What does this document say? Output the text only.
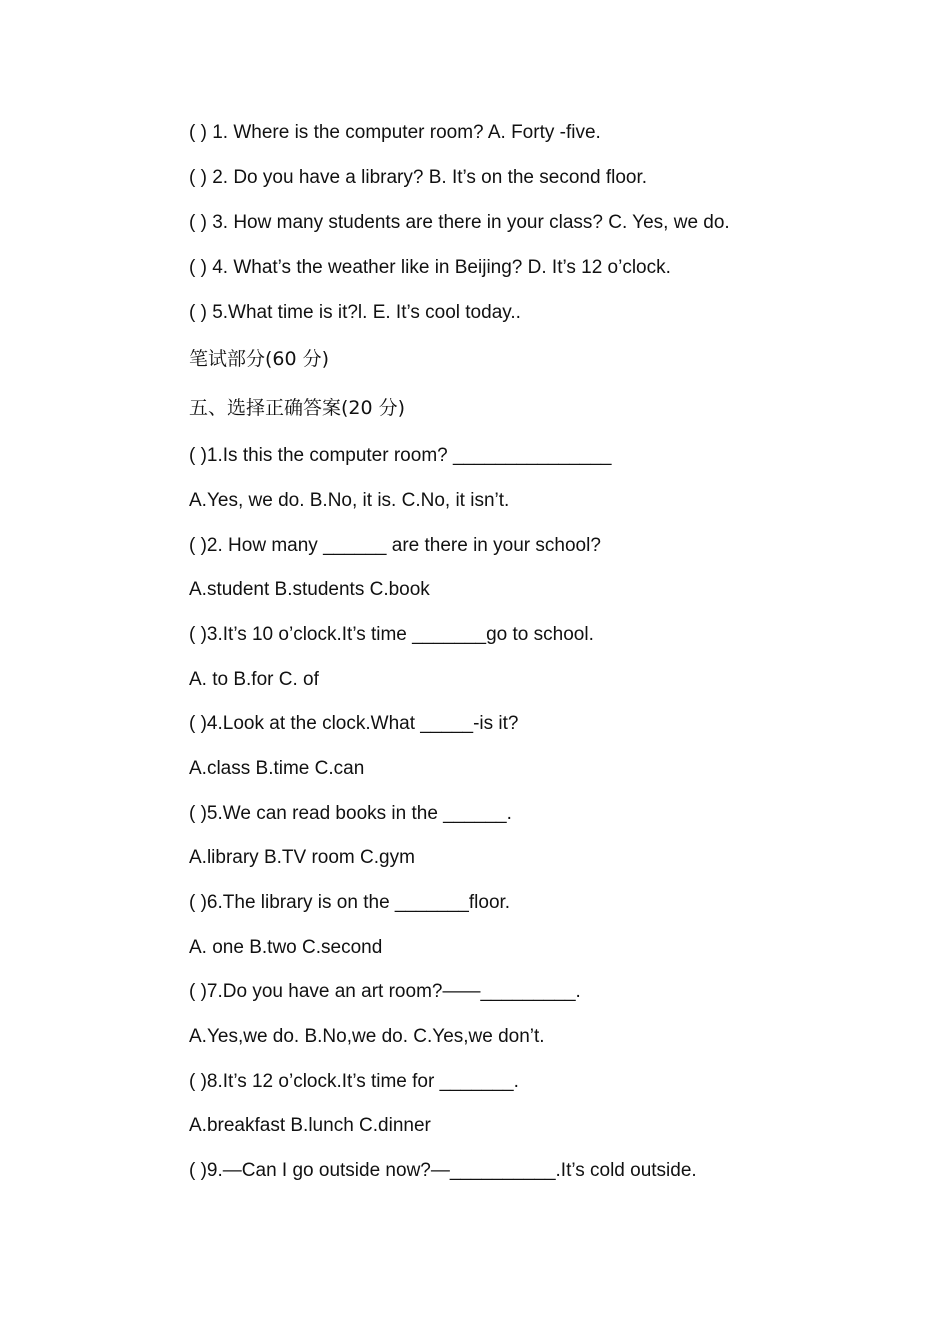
( ) 1. Where is the computer room? A. Forty -five.
( ) 2. Do you have a library? B. It’s on the second floor.
( ) 3. How many students are there in your class? C. Yes, we do.
( ) 4. What’s the weather like in Beijing? D. It’s 12 o’clock.
( ) 5.What time is it?l. E. It’s cool today..
笔试部分(60 分)
五、选择正确答案(20 分)
( )1.Is this the computer room? _______________
A.Yes, we do. B.No, it is. C.No, it isn’t.
( )2. How many ______ are there in your school?
A.student B.students C.book
( )3.It’s 10 o’clock.It’s time _______go to school.
A. to B.for C. of
( )4.Look at the clock.What _____-is it?
A.class B.time C.can
( )5.We can read books in the ______.
A.library B.TV room C.gym
( )6.The library is on the _______floor.
A. one B.two C.second
( )7.Do you have an art room?——_________.
A.Yes,we do. B.No,we do. C.Yes,we don’t.
( )8.It’s 12 o’clock.It’s time for _______.
A.breakfast B.lunch C.dinner
( )9.—Can I go outside now?—__________.It’s cold outside.
